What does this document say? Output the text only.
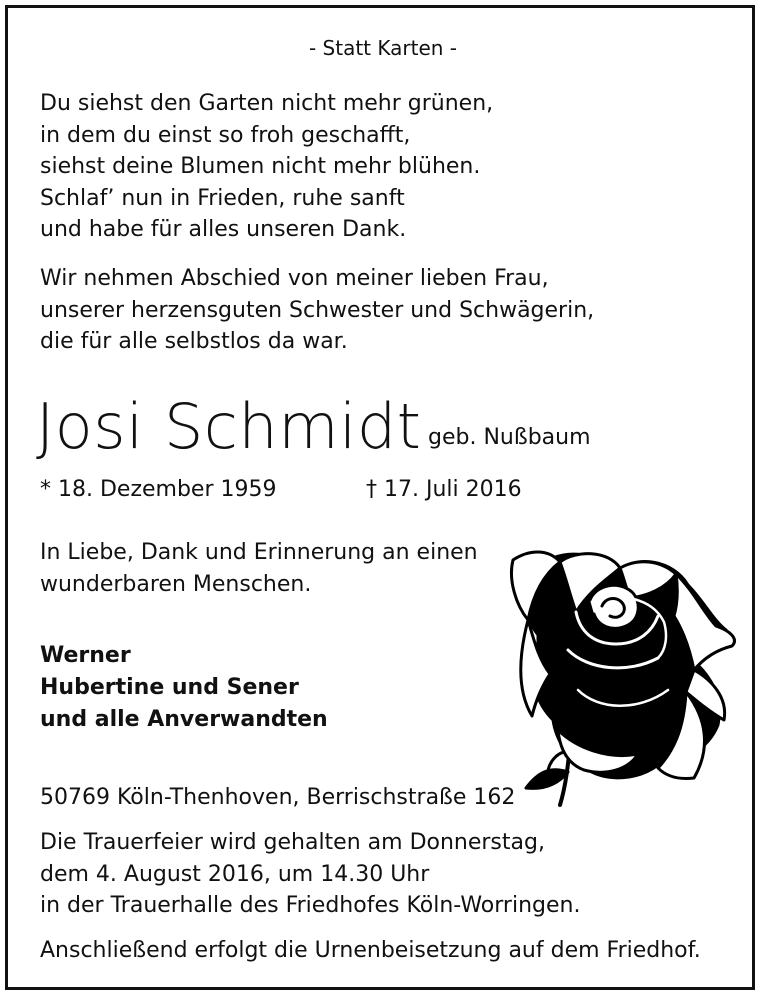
- Statt Karten -
Du siehst den Garten nicht mehr grünen,
in dem du einst so froh geschafft,
siehst deine Blumen nicht mehr blühen.
Schlaf’ nun in Frieden, ruhe sanft
und habe für alles unseren Dank.
Wir nehmen Abschied von meiner lieben Frau,
unserer herzensguten Schwester und Schwägerin,
die für alle selbstlos da war.
Josi Schmidt geb. Nußbaum
* 18. Dezember 1959	† 17. Juli 2016
In Liebe, Dank und Erinnerung an einen
wunderbaren Menschen.
Werner
Hubertine und Sener
und alle Anverwandten
50769 Köln-Thenhoven, Berrischstraße 162
Die Trauerfeier wird gehalten am Donnerstag,
dem 4. August 2016, um 14.30 Uhr
in der Trauerhalle des Friedhofes Köln-Worringen.
Anschließend erfolgt die Urnenbeisetzung auf dem Friedhof.
